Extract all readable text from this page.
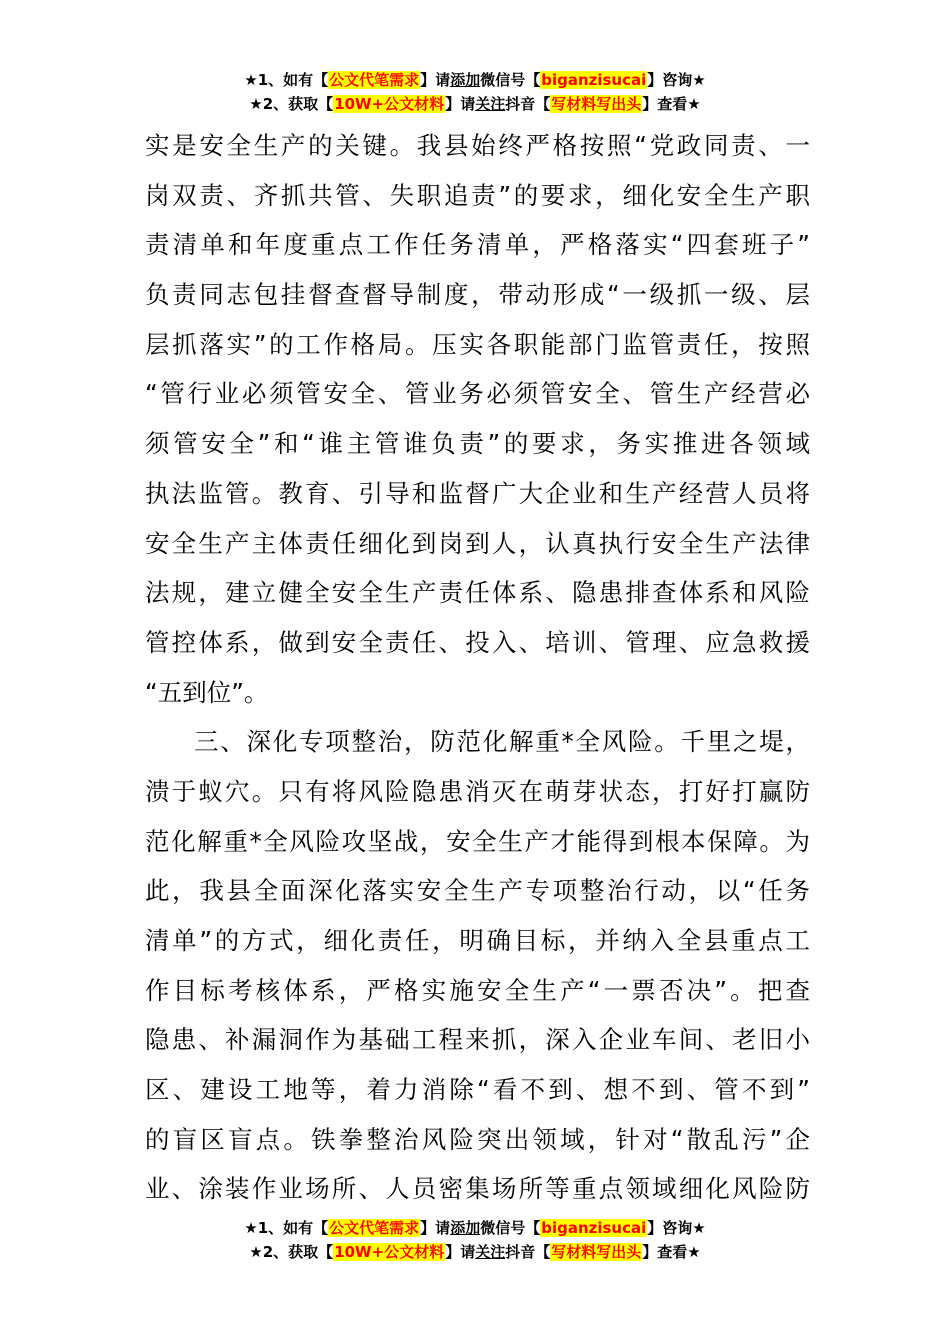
★1、如有【公文代笔需求】请添加微信号【biganzisucai】咨询★
★2、获取【10W+公文材料】请关注抖音【写材料写出头】查看★
实是安全生产的关键。我县始终严格按照“党政同责、一
岗双责、齐抓共管、失职追责”的要求，细化安全生产职
责清单和年度重点工作任务清单，严格落实“四套班子”
负责同志包挂督查督导制度，带动形成“一级抓一级、层
层抓落实”的工作格局。压实各职能部门监管责任，按照
“管行业必须管安全、管业务必须管安全、管生产经营必
须管安全”和“谁主管谁负责”的要求，务实推进各领域
执法监管。教育、引导和监督广大企业和生产经营人员将
安全生产主体责任细化到岗到人，认真执行安全生产法律
法规，建立健全安全生产责任体系、隐患排查体系和风险
管控体系，做到安全责任、投入、培训、管理、应急救援
“五到位”。
三、深化专项整治，防范化解重*全风险。千里之堤，
溃于蚁穴。只有将风险隐患消灭在萌芽状态，打好打赢防
范化解重*全风险攻坚战，安全生产才能得到根本保障。为
此，我县全面深化落实安全生产专项整治行动，以“任务
清单”的方式，细化责任，明确目标，并纳入全县重点工
作目标考核体系，严格实施安全生产“一票否决”。把查
隐患、补漏洞作为基础工程来抓，深入企业车间、老旧小
区、建设工地等，着力消除“看不到、想不到、管不到”
的盲区盲点。铁拳整治风险突出领域，针对“散乱污”企
业、涂装作业场所、人员密集场所等重点领域细化风险防
★1、如有【公文代笔需求】请添加微信号【biganzisucai】咨询★
★2、获取【10W+公文材料】请关注抖音【写材料写出头】查看★
